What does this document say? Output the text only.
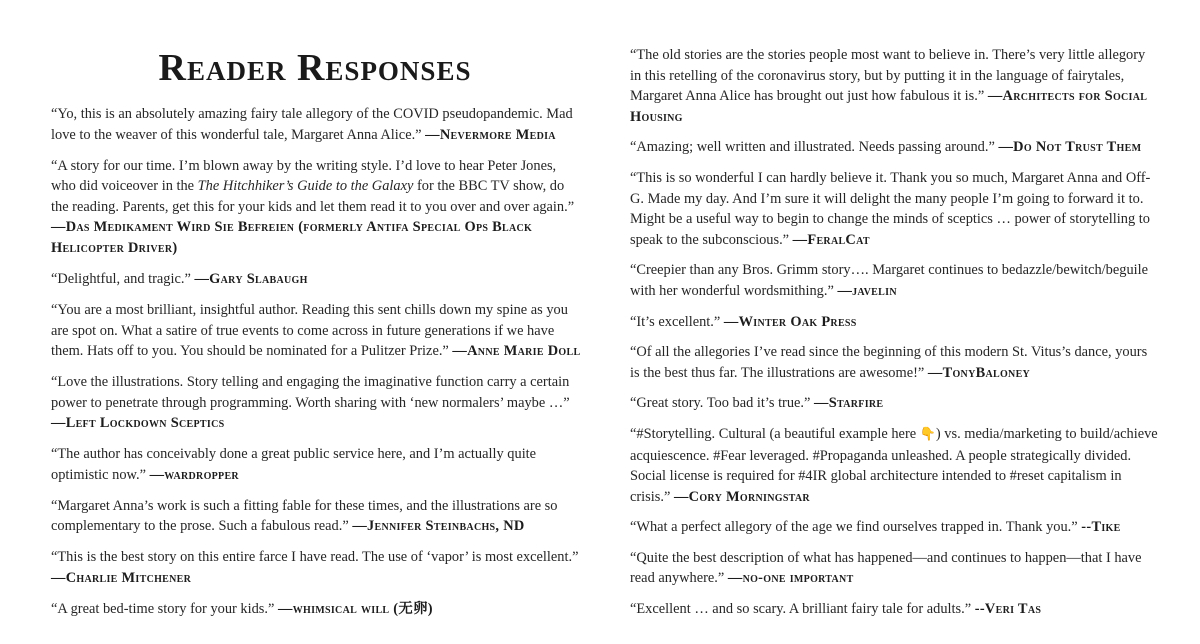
Reader Responses

“Yo, this is an absolutely amazing fairy tale allegory of the COVID pseudopandemic. Mad love to the weaver of this wonderful tale, Margaret Anna Alice.” —Nevermore Media

“A story for our time. I’m blown away by the writing style. I’d love to hear Peter Jones, who did voiceover in the The Hitchhiker’s Guide to the Galaxy for the BBC TV show, do the reading. Parents, get this for your kids and let them read it to you over and over again.” —Das Medikament Wird Sie Befreien (formerly Antifa Special Ops Black Helicopter Driver)

“Delightful, and tragic.” —Gary Slabaugh

“You are a most brilliant, insightful author. Reading this sent chills down my spine as you are spot on. What a satire of true events to come across in future generations if we have them. Hats off to you. You should be nominated for a Pulitzer Prize.” —Anne Marie Doll

“Love the illustrations. Story telling and engaging the imaginative function carry a certain power to penetrate through programming. Worth sharing with ‘new normalers’ maybe …” —Left Lockdown Sceptics

“The author has conceivably done a great public service here, and I’m actually quite optimistic now.” —wardropper

“Margaret Anna’s work is such a fitting fable for these times, and the illustrations are so complementary to the prose. Such a fabulous read.” —Jennifer Steinbachs, ND

“This is the best story on this entire farce I have read. The use of ‘vapor’ is most excellent.” —Charlie Mitchener

“A great bed-time story for your kids.” —whimsical will (无卵)

“The old stories are the stories people most want to believe in. There’s very little allegory in this retelling of the coronavirus story, but by putting it in the language of fairytales, Margaret Anna Alice has brought out just how fabulous it is.” —Architects for Social Housing

“Amazing; well written and illustrated. Needs passing around.” —Do Not Trust Them

“This is so wonderful I can hardly believe it. Thank you so much, Margaret Anna and Off-G. Made my day. And I’m sure it will delight the many people I’m going to forward it to. Might be a useful way to begin to change the minds of sceptics … power of storytelling to speak to the subconscious.” —FeralCat

“Creepier than any Bros. Grimm story…. Margaret continues to bedazzle/bewitch/beguile with her wonderful wordsmithing.” —javelin

“It’s excellent.” —Winter Oak Press

“Of all the allegories I’ve read since the beginning of this modern St. Vitus’s dance, yours is the best thus far. The illustrations are awesome!” —TonyBaloney

“Great story. Too bad it’s true.” —Starfire

“#Storytelling. Cultural (a beautiful example here 👇) vs. media/marketing to build/achieve acquiescence. #Fear leveraged. #Propaganda unleashed. A people strategically divided. Social license is required for #4IR global architecture intended to #reset capitalism in crisis.” —Cory Morningstar

“What a perfect allegory of the age we find ourselves trapped in. Thank you.” --Tike

“Quite the best description of what has happened—and continues to happen—that I have read anywhere.” —no-one important

“Excellent … and so scary. A brilliant fairy tale for adults.” --Veri Tas
